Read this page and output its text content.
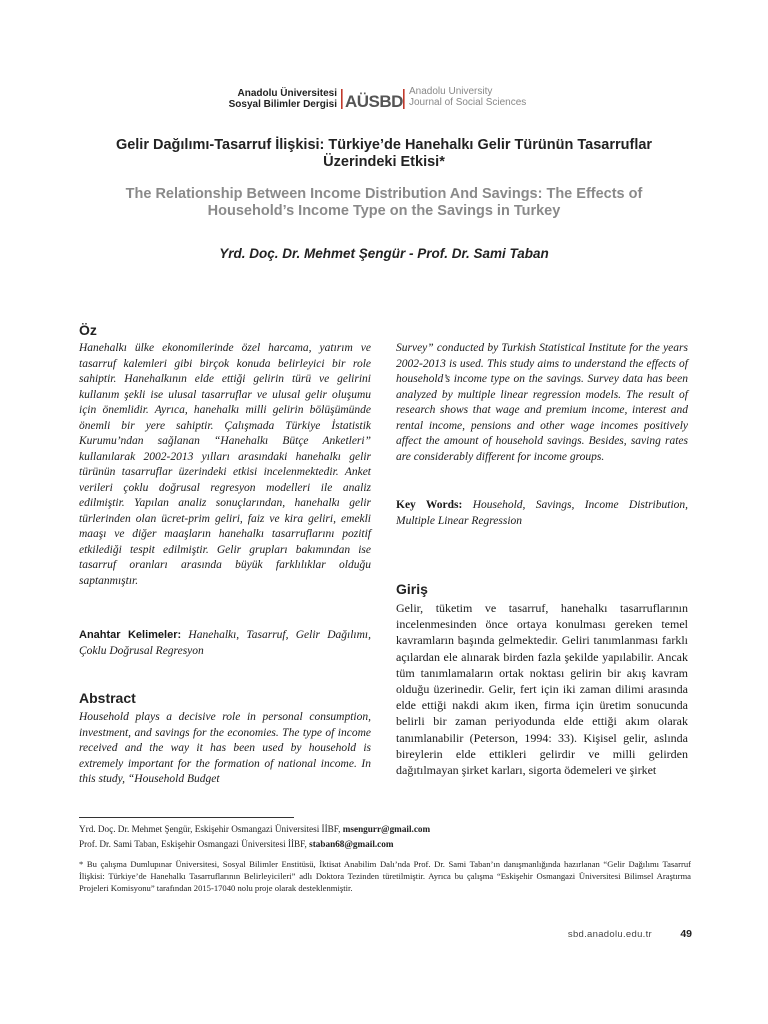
Anadolu Üniversitesi
Sosyal Bilimler Dergisi AÜSBD
Anadolu University
Journal of Social Sciences
Gelir Dağılımı-Tasarruf İlişkisi: Türkiye’de Hanehalkı Gelir Türünün Tasarruflar Üzerindeki Etkisi*
The Relationship Between Income Distribution And Savings: The Effects of Household’s Income Type on the Savings in Turkey
Yrd. Doç. Dr. Mehmet Şengür - Prof. Dr. Sami Taban
Öz

Hanehalkı ülke ekonomilerinde özel harcama, yatırım ve tasarruf kalemleri gibi birçok konuda belirleyici bir role sahiptir. Hanehalkının elde ettiği gelirin türü ve gelirini kullanım şekli ise ulusal tasarruflar ve ulusal gelir oluşumu için önemlidir. Ayrıca, hanehalkı milli gelirin bölüşümünde önemli bir yere sahiptir. Çalışmada Türkiye İstatistik Kurumu’ndan sağlanan “Hanehalkı Bütçe Anketleri” kullanılarak 2002-2013 yılları arasındaki hanehalkı gelir türünün tasarruflar üzerindeki etkisi incelenmektedir. Anket verileri çoklu doğrusal regresyon modelleri ile analiz edilmiştir. Yapılan analiz sonuçlarından, hanehalkı gelir türlerinden olan ücret-prim geliri, faiz ve kira geliri, emekli maaşı ve diğer maaşların hanehalkı tasarruflarını pozitif etkilediği tespit edilmiştir. Gelir grupları bakımından ise tasarruf oranları arasında büyük farklılıklar olduğu saptanmıştır.

Anahtar Kelimeler: Hanehalkı, Tasarruf, Gelir Dağılımı, Çoklu Doğrusal Regresyon

Abstract

Household plays a decisive role in personal consumption, investment, and savings for the economies. The type of income received and the way it has been used by household is extremely important for the formation of national income. In this study, “Household Budget

Survey” conducted by Turkish Statistical Institute for the years 2002-2013 is used. This study aims to understand the effects of household’s income type on the savings. Survey data has been analyzed by multiple linear regression models. The result of research shows that wage and premium income, interest and rental income, pensions and other wage incomes positively affect the amount of household savings. Besides, saving rates are considerably different for income groups.

Key Words: Household, Savings, Income Distribution, Multiple Linear Regression

Giriş

Gelir, tüketim ve tasarruf, hanehalkı tasarruflarının incelenmesinden önce ortaya konulması gereken temel kavramların başında gelmektedir. Geliri tanımlanması farklı açılardan ele alınarak birden fazla şekilde yapılabilir. Ancak tüm tanımlamaların ortak noktası gelirin bir akış kavram olduğu üzerinedir. Gelir, fert için iki zaman dilimi arasında elde ettiği nakdi akım iken, firma için üretim sonucunda belirli bir zaman periyodunda elde ettiği akım olarak tanımlanabilir (Peterson, 1994: 33). Kişisel gelir, aslında bireylerin elde ettikleri gelirdir ve milli gelirden dağıtılmayan şirket karları, sigorta ödemeleri ve şirket

Yrd. Doç. Dr. Mehmet Şengür, Eskişehir Osmangazi Üniversitesi İİBF, msengurr@gmail.com
Prof. Dr. Sami Taban, Eskişehir Osmangazi Üniversitesi İİBF, staban68@gmail.com
* Bu çalışma Dumlupınar Üniversitesi, Sosyal Bilimler Enstitüsü, İktisat Anabilim Dalı’nda Prof. Dr. Sami Taban’ın danışmanlığında hazırlanan “Gelir Dağılımı Tasarruf İlişkisi: Türkiye’de Hanehalkı Tasarruflarının Belirleyicileri” adlı Doktora Tezinden türetilmiştir. Ayrıca bu çalışma “Eskişehir Osmangazi Üniversitesi Bilimsel Araştırma Projeleri Komisyonu” tarafından 2015-17040 nolu proje olarak desteklenmiştir.
sbd.anadolu.edu.tr	49
